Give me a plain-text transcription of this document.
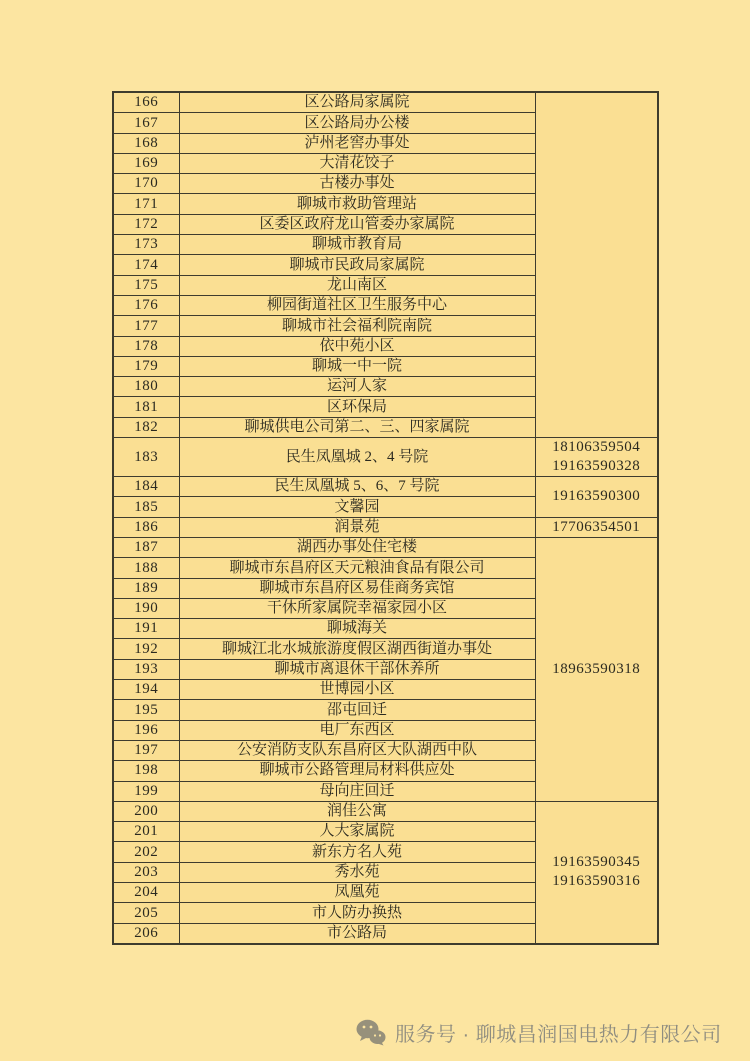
166	区公路局家属院	
167	区公路局办公楼	
168	泸州老窖办事处	
169	大清花饺子	
170	古楼办事处	
171	聊城市救助管理站	
172	区委区政府龙山管委办家属院	
173	聊城市教育局	
174	聊城市民政局家属院	
175	龙山南区	
176	柳园街道社区卫生服务中心	
177	聊城市社会福利院南院	
178	依中苑小区	
179	聊城一中一院	
180	运河人家	
181	区环保局	
182	聊城供电公司第二、三、四家属院	
183	民生凤凰城 2、4 号院	18106359504
19163590328

184	民生凤凰城 5、6、7 号院	19163590300

185	文馨园	
186	润景苑	17706354501

187	湖西办事处住宅楼	18963590318

188	聊城市东昌府区天元粮油食品有限公司	
189	聊城市东昌府区易佳商务宾馆	
190	干休所家属院幸福家园小区	
191	聊城海关	
192	聊城江北水城旅游度假区湖西街道办事处	
193	聊城市离退休干部休养所	
194	世博园小区	
195	邵屯回迁	
196	电厂东西区	
197	公安消防支队东昌府区大队湖西中队	
198	聊城市公路管理局材料供应处	
199	母向庄回迁	
200	润佳公寓	19163590345
19163590316

201	人大家属院	
202	新东方名人苑	
203	秀水苑	
204	凤凰苑	
205	市人防办换热	
206	市公路局	
服务号 · 聊城昌润国电热力有限公司
